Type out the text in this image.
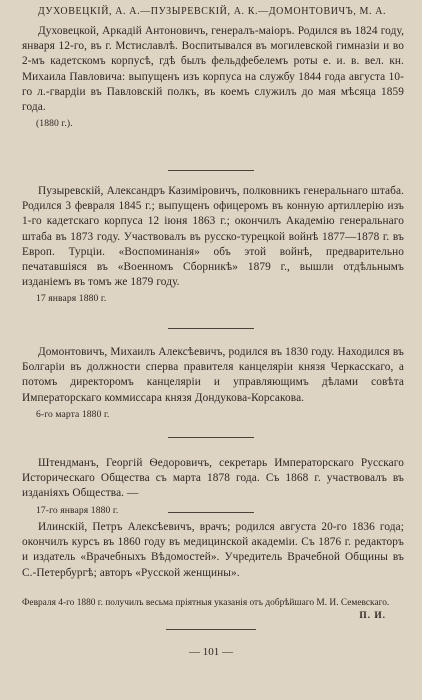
ДУХОВЕЦКІЙ, А. А.—ПУЗЫРЕВСКІЙ, А. К.—ДОМОНТОВИЧЪ, М. А.

Духовецкой, Аркадій Антоновичъ, генералъ-маіоръ. Родился въ 1824 году, января 12-го, въ г. Мстиславлѣ. Воспитывался въ могилевской гимназіи и во 2-мъ кадетскомъ корпусѣ, гдѣ былъ фельдфебелемъ роты е. и. в. вел. кн. Михаила Павловича: выпущенъ изъ корпуса на службу 1844 года августа 10-го л.-гвардіи въ Павловскій полкъ, въ коемъ служилъ до мая мѣсяца 1859 года.

(1880 г.).

Пузыревскій, Александръ Казиміровичъ, полковникъ генеральнаго штаба. Родился 3 февраля 1845 г.; выпущенъ офицеромъ въ конную артиллерію изъ 1-го кадетскаго корпуса 12 іюня 1863 г.; окончилъ Академію генеральнаго штаба въ 1873 году. Участвовалъ въ русско-турецкой войнѣ 1877—1878 г. въ Европ. Турціи. «Воспоминанія» объ этой войнѣ, предварительно печатавшіяся въ «Военномъ Сборникѣ» 1879 г., вышли отдѣльнымъ изданіемъ въ томъ же 1879 году.

17 января 1880 г.

Домонтовичъ, Михаилъ Алексѣевичъ, родился въ 1830 году. Находился въ Болгаріи въ должности сперва правителя канцеляріи князя Черкасскаго, а потомъ директоромъ канцеляріи и управляющимъ дѣлами совѣта Императорскаго коммиссара князя Дондукова-Корсакова.

6-го марта 1880 г.

Штендманъ, Георгій Ѳедоровичъ, секретарь Императорскаго Русскаго Историческаго Общества съ марта 1878 года. Съ 1868 г. участвовалъ въ изданіяхъ Общества. —

17-го января 1880 г.

Илинскій, Петръ Алексѣевичъ, врачъ; родился августа 20-го 1836 года; окончилъ курсъ въ 1860 году въ медицинской академіи. Съ 1876 г. редакторъ и издатель «Врачебныхъ Вѣдомостей». Учредитель Врачебной Общины въ С.-Петербургѣ; авторъ «Русской женщины».

Февраля 4-го 1880 г. получилъ весьма пріятныя указанія отъ добрѣйшаго М. И. Семевскаго.
П. И.
— 101 —
